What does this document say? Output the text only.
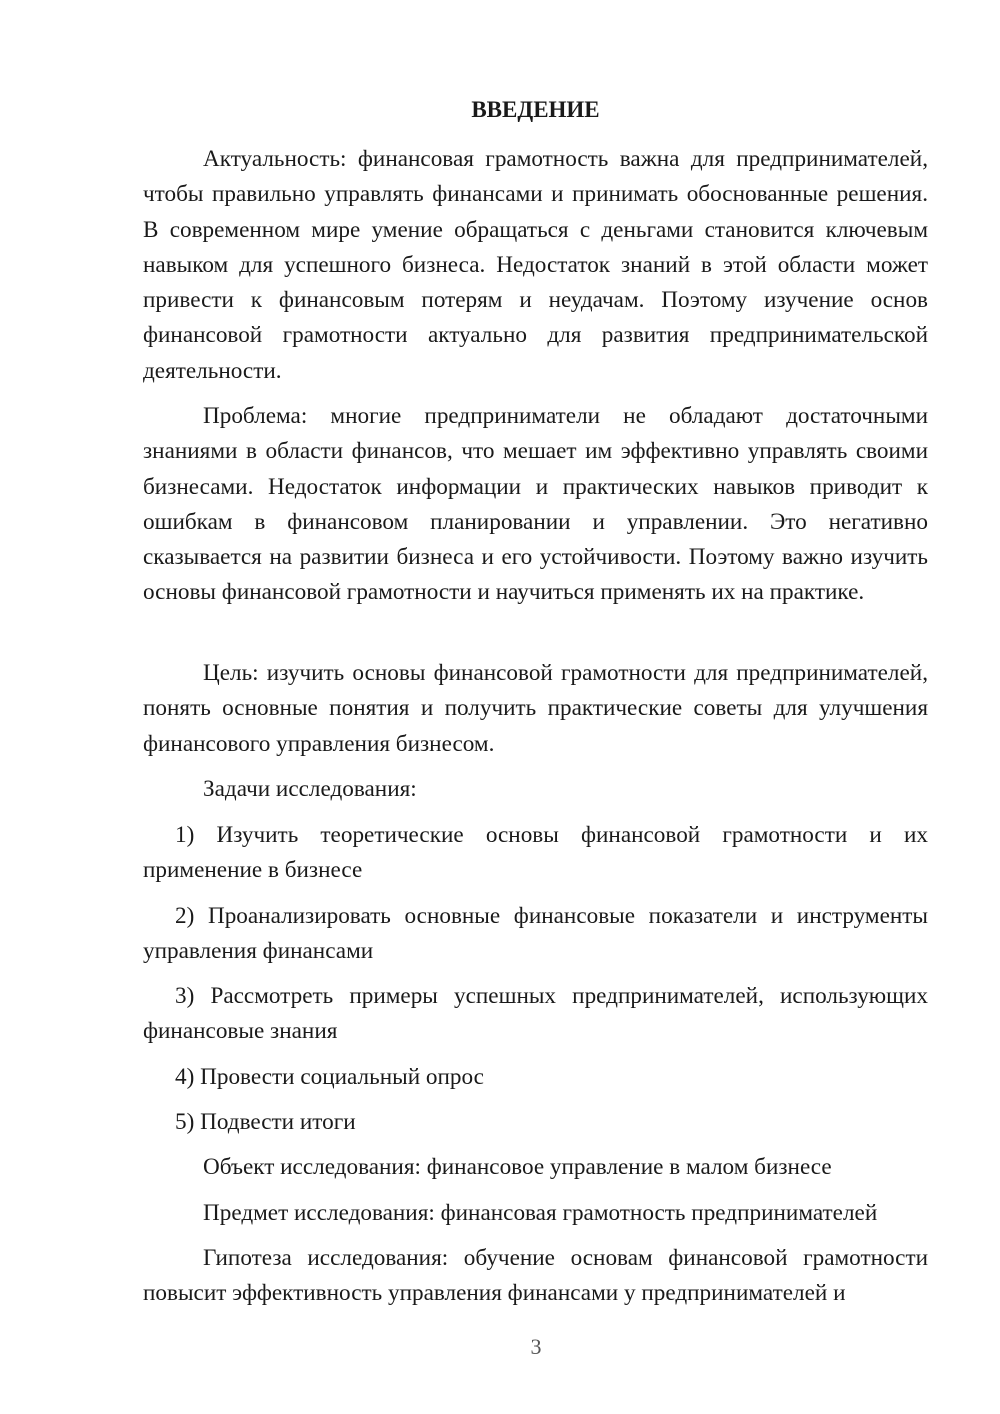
ВВЕДЕНИЕ

Актуальность: финансовая грамотность важна для предпринимателей, чтобы правильно управлять финансами и принимать обоснованные решения. В современном мире умение обращаться с деньгами становится ключевым навыком для успешного бизнеса. Недостаток знаний в этой области может привести к финансовым потерям и неудачам. Поэтому изучение основ финансовой грамотности актуально для развития предпринимательской деятельности.

Проблема: многие предприниматели не обладают достаточными знаниями в области финансов, что мешает им эффективно управлять своими бизнесами. Недостаток информации и практических навыков приводит к ошибкам в финансовом планировании и управлении. Это негативно сказывается на развитии бизнеса и его устойчивости. Поэтому важно изучить основы финансовой грамотности и научиться применять их на практике.

Цель: изучить основы финансовой грамотности для предпринимателей, понять основные понятия и получить практические советы для улучшения финансового управления бизнесом.

Задачи исследования:

1) Изучить теоретические основы финансовой грамотности и их применение в бизнесе

2) Проанализировать основные финансовые показатели и инструменты управления финансами

3) Рассмотреть примеры успешных предпринимателей, использующих финансовые знания

4) Провести социальный опрос

5) Подвести итоги

Объект исследования: финансовое управление в малом бизнесе

Предмет исследования: финансовая грамотность предпринимателей

Гипотеза исследования: обучение основам финансовой грамотности повысит эффективность управления финансами у предпринимателей и

3
